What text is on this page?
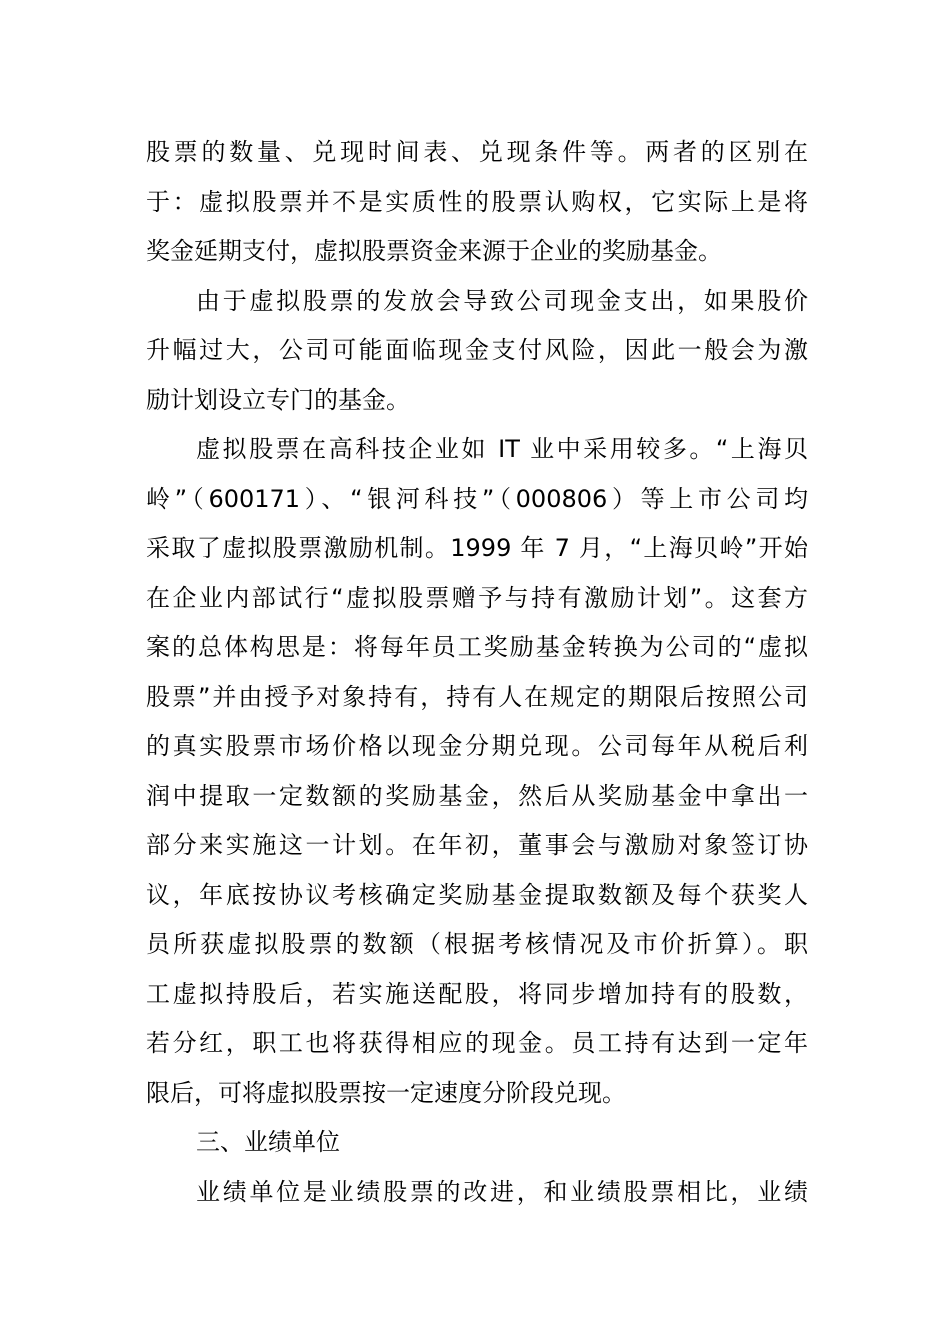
股票的数量、兑现时间表、兑现条件等。两者的区别在
于：虚拟股票并不是实质性的股票认购权，它实际上是将
奖金延期支付，虚拟股票资金来源于企业的奖励基金。
由于虚拟股票的发放会导致公司现金支出，如果股价
升幅过大，公司可能面临现金支付风险，因此一般会为激
励计划设立专门的基金。
虚拟股票在高科技企业如 IT 业中采用较多。“上海贝
岭”（600171）、“银河科技”（000806）等上市公司均
采取了虚拟股票激励机制。1999 年 7 月，“上海贝岭”开始
在企业内部试行“虚拟股票赠予与持有激励计划”。这套方
案的总体构思是：将每年员工奖励基金转换为公司的“虚拟
股票”并由授予对象持有，持有人在规定的期限后按照公司
的真实股票市场价格以现金分期兑现。公司每年从税后利
润中提取一定数额的奖励基金，然后从奖励基金中拿出一
部分来实施这一计划。在年初，董事会与激励对象签订协
议，年底按协议考核确定奖励基金提取数额及每个获奖人
员所获虚拟股票的数额（根据考核情况及市价折算）。职
工虚拟持股后，若实施送配股，将同步增加持有的股数，
若分红，职工也将获得相应的现金。员工持有达到一定年
限后，可将虚拟股票按一定速度分阶段兑现。
三、业绩单位
业绩单位是业绩股票的改进，和业绩股票相比，业绩
